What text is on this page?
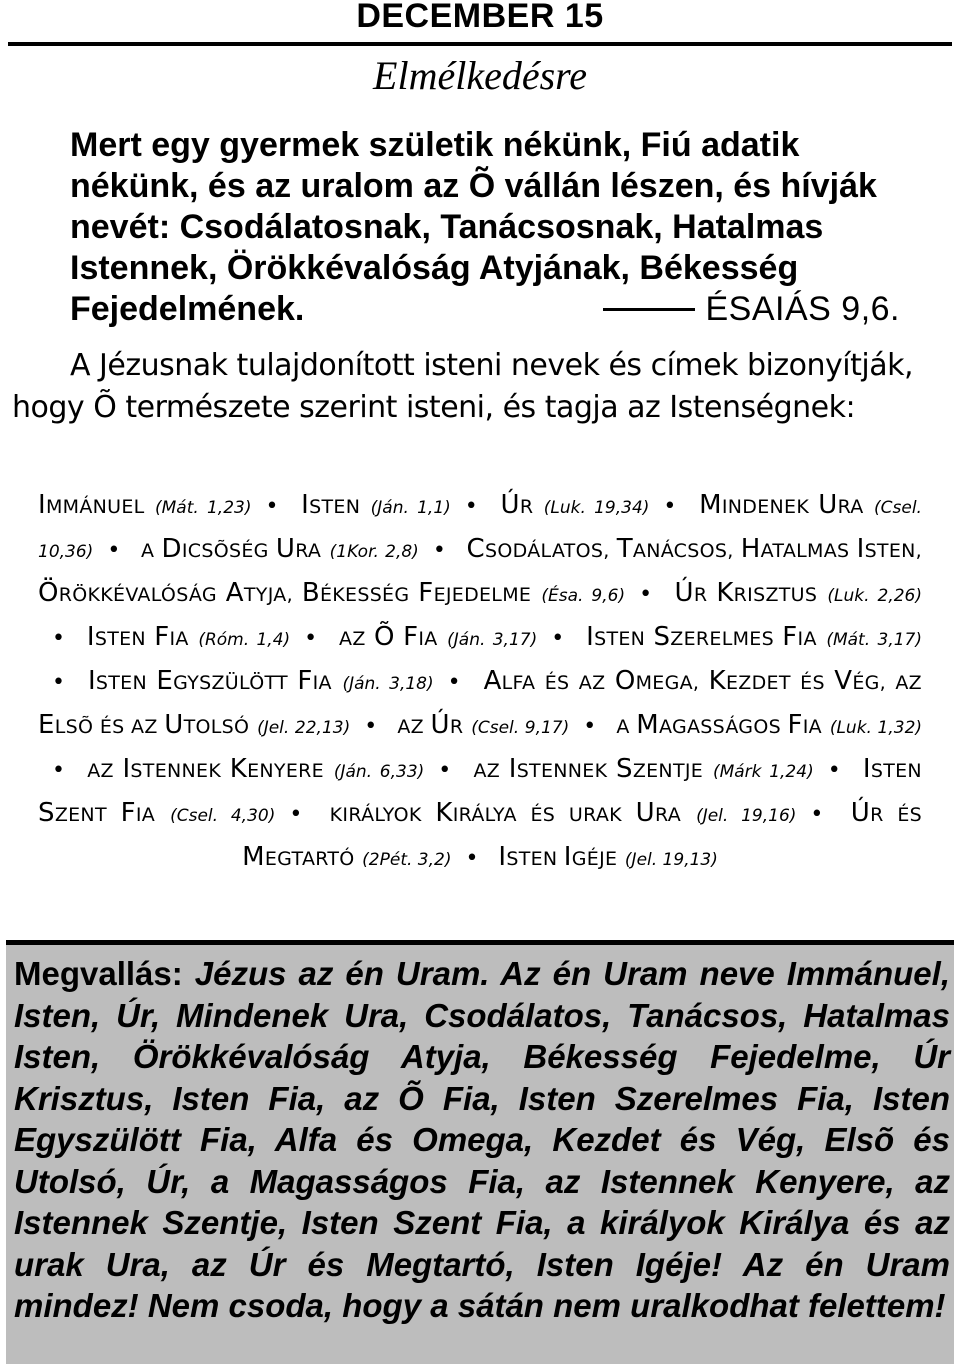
DECEMBER 15
Elmélkedésre
Mert egy gyermek születik nékünk, Fiú adatik nékünk, és az uralom az Õ vállán lészen, és hívják nevét: Csodálatosnak, Tanácsosnak, Hatalmas Istennek, Örökkévalóság Atyjának, Békesség Fejedelmének.	ÉSAIÁS 9,6.
A Jézusnak tulajdonított isteni nevek és címek bizonyítják, hogy Õ természete szerint isteni, és tagja az Istenségnek:
IMMÁNUEL (Mát. 1,23) • ISTEN (Ján. 1,1) • ÚR (Luk. 19,34) • MINDENEK URA (Csel. 10,36) • A DICSÕSÉG URA (1Kor. 2,8) • CSODÁLATOS, TANÁCSOS, HATALMAS ISTEN, ÖRÖKKÉVALÓSÁG ATYJA, BÉKESSÉG FEJEDELME (Ésa. 9,6) • ÚR KRISZTUS (Luk. 2,26)• ISTEN FIA (Róm. 1,4) • AZ Õ FIA (Ján. 3,17) • ISTEN SZERELMES FIA (Mát. 3,17)• ISTEN EGYSZÜLÖTT FIA (Ján. 3,18) • ALFA ÉS AZ OMEGA, KEZDET ÉS VÉG, AZ ELSÕ ÉS AZ UTOLSÓ (Jel. 22,13) • AZ ÚR (Csel. 9,17) • A MAGASSÁGOS FIA (Luk. 1,32)• AZ ISTENNEK KENYERE (Ján. 6,33) • AZ ISTENNEK SZENTJE (Márk 1,24) • ISTEN SZENT FIA (Csel. 4,30) • KIRÁLYOK KIRÁLYA ÉS URAK URA (Jel. 19,16) • ÚR ÉS MEGTARTÓ (2Pét. 3,2) • ISTEN IGÉJE (Jel. 19,13)
Megvallás: Jézus az én Uram. Az én Uram neve Immánuel, Isten, Úr, Mindenek Ura, Csodálatos, Tanácsos, Hatalmas Isten, Örökkévalóság Atyja, Békesség Fejedelme, Úr Krisztus, Isten Fia, az Õ Fia, Isten Szerelmes Fia, Isten Egyszülött Fia, Alfa és Omega, Kezdet és Vég, Elsõ és Utolsó, Úr, a Magasságos Fia, az Istennek Kenyere, az Istennek Szentje, Isten Szent Fia, a királyok Királya és az urak Ura, az Úr és Megtartó, Isten Igéje! Az én Uram mindez! Nem csoda, hogy a sátán nem uralkodhat felettem!
